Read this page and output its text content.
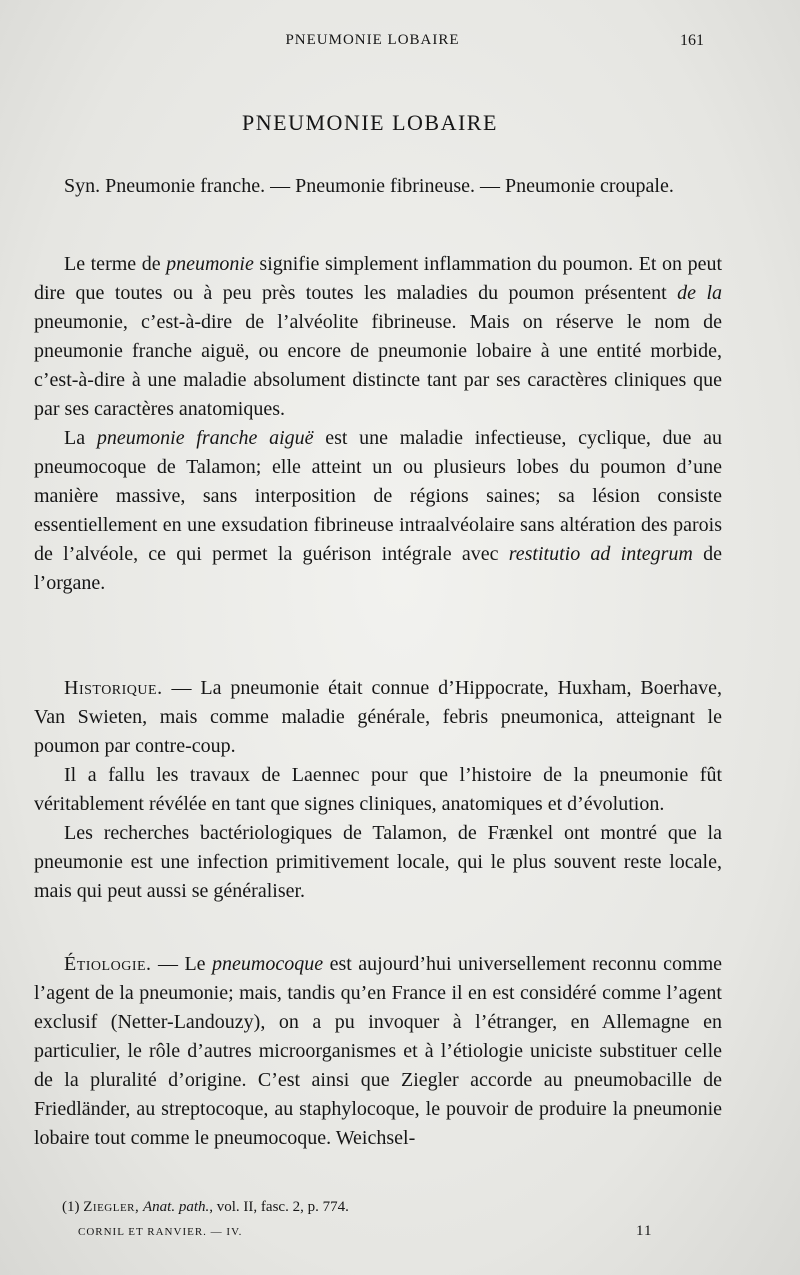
PNEUMONIE LOBAIRE	161
PNEUMONIE LOBAIRE

Syn. Pneumonie franche. — Pneumonie fibrineuse. — Pneumonie croupale.

Le terme de pneumonie signifie simplement inflammation du poumon. Et on peut dire que toutes ou à peu près toutes les maladies du poumon présentent de la pneumonie, c’est-à-dire de l’alvéolite fibrineuse. Mais on réserve le nom de pneumonie franche aiguë, ou encore de pneumonie lobaire à une entité morbide, c’est-à-dire à une maladie absolument distincte tant par ses caractères cliniques que par ses caractères anatomiques.

La pneumonie franche aiguë est une maladie infectieuse, cyclique, due au pneumocoque de Talamon; elle atteint un ou plusieurs lobes du poumon d’une manière massive, sans interposition de régions saines; sa lésion consiste essentiellement en une exsudation fibrineuse intraalvéolaire sans altération des parois de l’alvéole, ce qui permet la guérison intégrale avec restitutio ad integrum de l’organe.

Historique. — La pneumonie était connue d’Hippocrate, Huxham, Boerhave, Van Swieten, mais comme maladie générale, febris pneumonica, atteignant le poumon par contre-coup.

Il a fallu les travaux de Laennec pour que l’histoire de la pneumonie fût véritablement révélée en tant que signes cliniques, anatomiques et d’évolution.

Les recherches bactériologiques de Talamon, de Frænkel ont montré que la pneumonie est une infection primitivement locale, qui le plus souvent reste locale, mais qui peut aussi se généraliser.

Étiologie. — Le pneumocoque est aujourd’hui universellement reconnu comme l’agent de la pneumonie; mais, tandis qu’en France il en est considéré comme l’agent exclusif (Netter-Landouzy), on a pu invoquer à l’étranger, en Allemagne en particulier, le rôle d’autres microorganismes et à l’étiologie uniciste substituer celle de la pluralité d’origine. C’est ainsi que Ziegler accorde au pneumobacille de Friedländer, au streptocoque, au staphylocoque, le pouvoir de produire la pneumonie lobaire tout comme le pneumocoque. Weichsel-

(1) Ziegler, Anat. path., vol. II, fasc. 2, p. 774.
CORNIL ET RANVIER. — IV.	11
